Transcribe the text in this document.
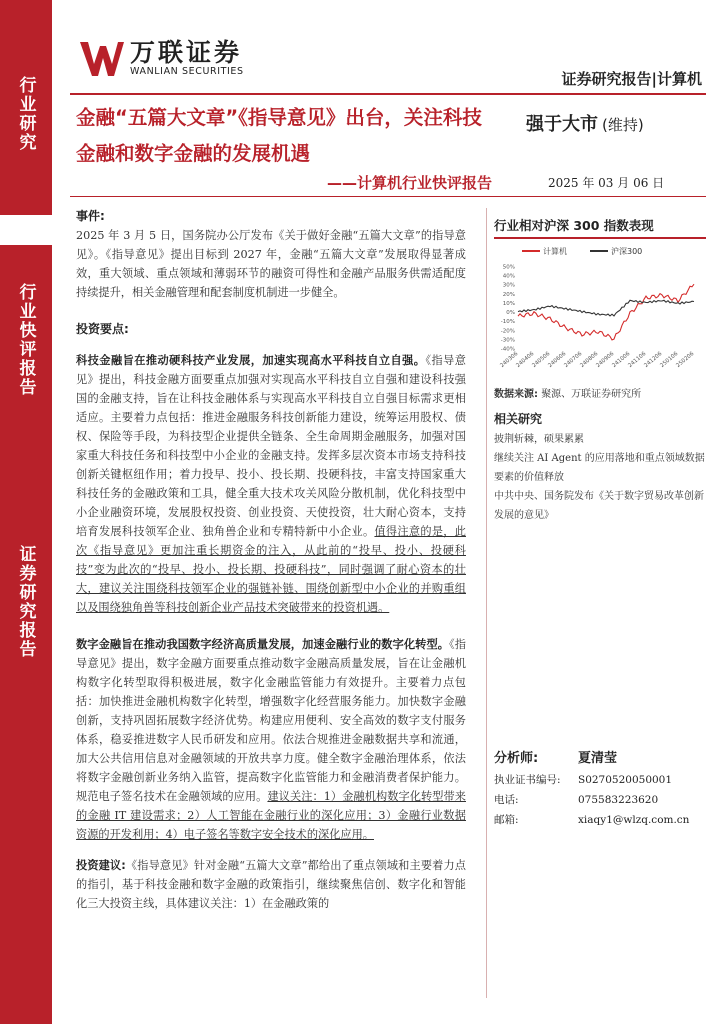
行业研究
行业快评报告
证券研究报告
万联证券
WANLIAN SECURITIES	证券研究报告|计算机
金融“五篇大文章”《指导意见》出台，关注科技金融和数字金融的发展机遇
——计算机行业快评报告
强于大市 (维持)
2025 年 03 月 06 日
事件:

2025 年 3 月 5 日，国务院办公厅发布《关于做好金融“五篇大文章”的指导意见》。《指导意见》提出目标到 2027 年，金融“五篇大文章”发展取得显著成效，重大领域、重点领域和薄弱环节的融资可得性和金融产品服务供需适配度持续提升，相关金融管理和配套制度机制进一步健全。

投资要点:

科技金融旨在推动硬科技产业发展，加速实现高水平科技自立自强。《指导意见》提出，科技金融方面要重点加强对实现高水平科技自立自强和建设科技强国的金融支持，旨在让科技金融体系与实现高水平科技自立自强目标需求更相适应。主要着力点包括：推进金融服务科技创新能力建设，统筹运用股权、债权、保险等手段，为科技型企业提供全链条、全生命周期金融服务，加强对国家重大科技任务和科技型中小企业的金融支持。发挥多层次资本市场支持科技创新关键枢纽作用；着力投早、投小、投长期、投硬科技，丰富支持国家重大科技任务的金融政策和工具，健全重大技术攻关风险分散机制，优化科技型中小企业融资环境，发展股权投资、创业投资、天使投资，壮大耐心资本，支持培育发展科技领军企业、独角兽企业和专精特新中小企业。值得注意的是，此次《指导意见》更加注重长期资金的注入，从此前的“投早、投小、投硬科技”变为此次的“投早、投小、投长期、投硬科技”，同时强调了耐心资本的壮大，建议关注围绕科技领军企业的强链补链、围绕创新型中小企业的并购重组以及围绕独角兽等科技创新企业产品技术突破带来的投资机遇。

数字金融旨在推动我国数字经济高质量发展，加速金融行业的数字化转型。《指导意见》提出，数字金融方面要重点推动数字金融高质量发展，旨在让金融机构数字化转型取得积极进展，数字化金融监管能力有效提升。主要着力点包括：加快推进金融机构数字化转型，增强数字化经营服务能力。加快数字金融创新，支持巩固拓展数字经济优势。构建应用便利、安全高效的数字支付服务体系，稳妥推进数字人民币研发和应用。依法合规推进金融数据共享和流通，加大公共信用信息对金融领域的开放共享力度。健全数字金融治理体系，依法将数字金融创新业务纳入监管，提高数字化监管能力和金融消费者保护能力。规范电子签名技术在金融领域的应用。建议关注：1）金融机构数字化转型带来的金融 IT 建设需求；2）人工智能在金融行业的深化应用；3）金融行业数据资源的开发利用；4）电子签名等数字安全技术的深化应用。

投资建议:《指导意见》针对金融“五篇大文章”都给出了重点领域和主要着力点的指引，基于科技金融和数字金融的政策指引，继续聚焦信创、数字化和智能化三大投资主线，具体建议关注：1）在金融政策的

行业相对沪深 300 指数表现
计算机	沪深300
50%
40%
30%
20%
10%
0%
-10%
-20%
-30%
-40%
240306
240406
240506
240606
240706
240806
240906
241006
241106
241206
250106
250206
数据来源: 聚源、万联证券研究所
相关研究
披荆斩棘，硕果累累
继续关注 AI Agent 的应用落地和重点领域数据要素的价值释放
中共中央、国务院发布《关于数字贸易改革创新发展的意见》
分析师:	夏清莹
执业证书编号:	S0270520050001
电话:	075583223620
邮箱:	xiaqy1@wlzq.com.cn
